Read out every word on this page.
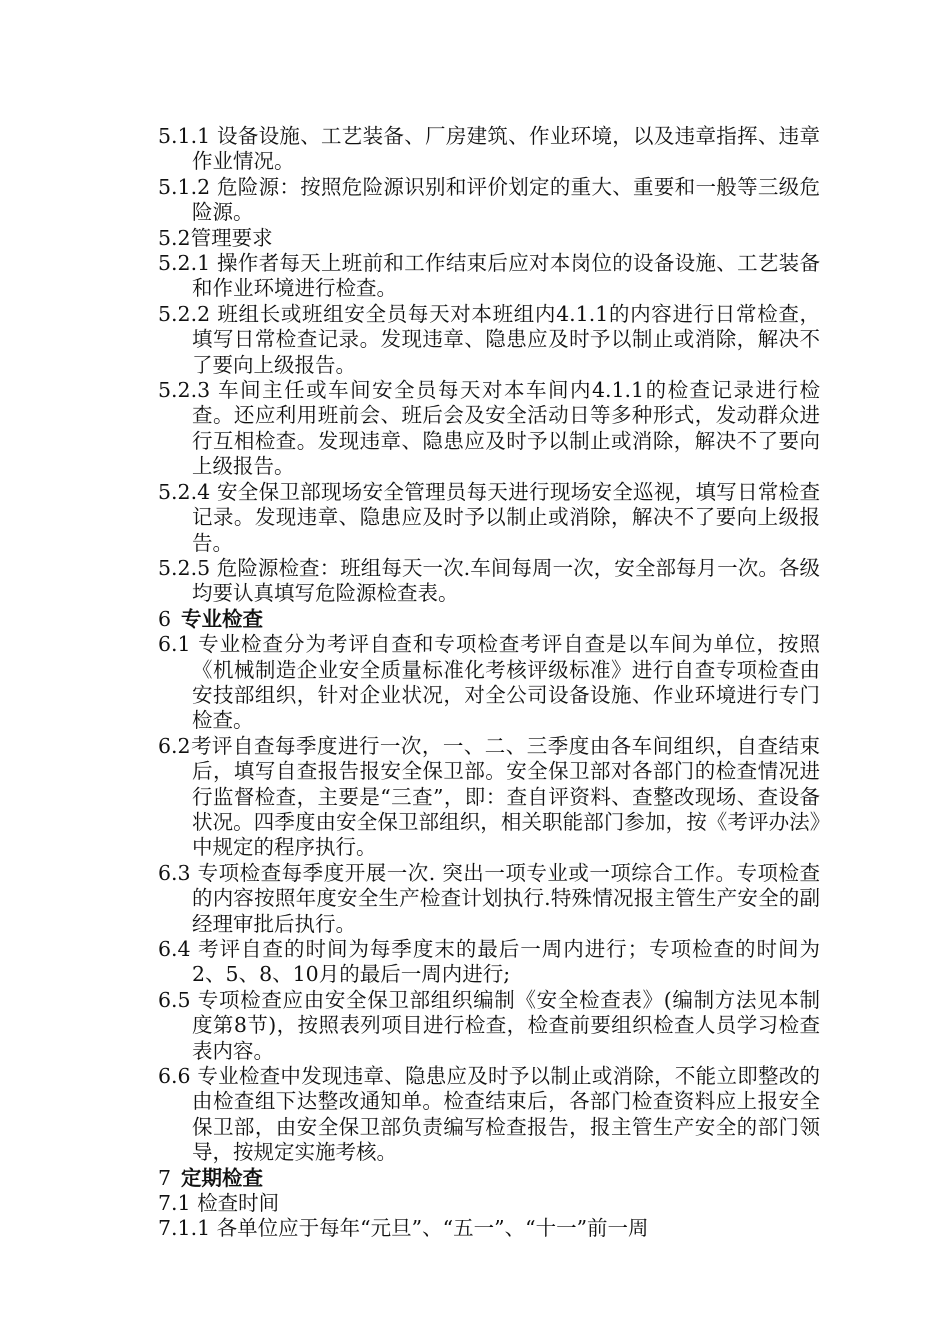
5.1.1 设备设施、工艺装备、厂房建筑、作业环境，以及违章指挥、违章作业情况。

5.1.2 危险源：按照危险源识别和评价划定的重大、重要和一般等三级危险源。

5.2管理要求

5.2.1 操作者每天上班前和工作结束后应对本岗位的设备设施、工艺装备和作业环境进行检查。

5.2.2 班组长或班组安全员每天对本班组内4.1.1的内容进行日常检查，填写日常检查记录。发现违章、隐患应及时予以制止或消除，解决不了要向上级报告。

5.2.3 车间主任或车间安全员每天对本车间内4.1.1的检查记录进行检查。还应利用班前会、班后会及安全活动日等多种形式，发动群众进行互相检查。发现违章、隐患应及时予以制止或消除，解决不了要向上级报告。

5.2.4 安全保卫部现场安全管理员每天进行现场安全巡视，填写日常检查记录。发现违章、隐患应及时予以制止或消除，解决不了要向上级报告。

5.2.5 危险源检查：班组每天一次.车间每周一次，安全部每月一次。各级均要认真填写危险源检查表。

6 专业检查

6.1 专业检查分为考评自查和专项检查考评自查是以车间为单位，按照《机械制造企业安全质量标准化考核评级标准》进行自查专项检查由安技部组织，针对企业状况，对全公司设备设施、作业环境进行专门检查。

6.2考评自查每季度进行一次，一、二、三季度由各车间组织，自查结束后，填写自查报告报安全保卫部。安全保卫部对各部门的检查情况进行监督检查，主要是“三查”，即：查自评资料、查整改现场、查设备状况。四季度由安全保卫部组织，相关职能部门参加，按《考评办法》中规定的程序执行。

6.3 专项检查每季度开展一次. 突出一项专业或一项综合工作。专项检查的内容按照年度安全生产检查计划执行.特殊情况报主管生产安全的副经理审批后执行。

6.4 考评自查的时间为每季度末的最后一周内进行；专项检查的时间为2、5、8、10月的最后一周内进行;

6.5 专项检查应由安全保卫部组织编制《安全检查表》(编制方法见本制度第8节)，按照表列项目进行检查，检查前要组织检查人员学习检查表内容。

6.6 专业检查中发现违章、隐患应及时予以制止或消除，不能立即整改的由检查组下达整改通知单。检查结束后，各部门检查资料应上报安全保卫部，由安全保卫部负责编写检查报告，报主管生产安全的部门领导，按规定实施考核。

7 定期检查

7.1 检查时间

7.1.1 各单位应于每年“元旦”、“五一”、“十一”前一周
